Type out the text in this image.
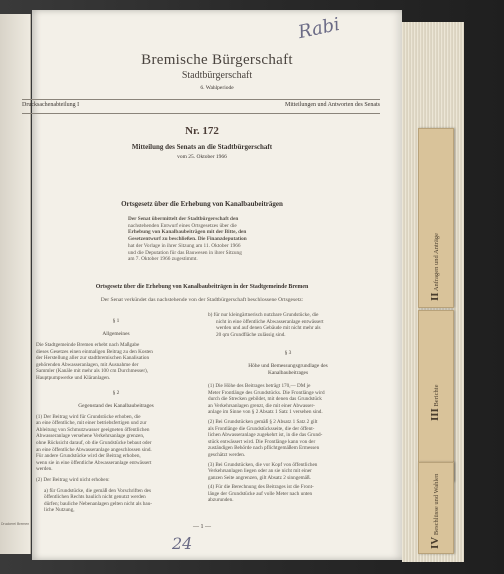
Druckerei Bremen
II Anfragen und Anträge
III Berichte
IV Beschlüsse und Wahlen
Rabi
Bremische Bürgerschaft
Stadtbürgerschaft
6. Wahlperiode
Drucksachenabteilung I	Mitteilungen und Antworten des Senats
Nr. 172
Mitteilung des Senats an die Stadtbürgerschaft
vom 25. Oktober 1966
Ortsgesetz über die Erhebung von Kanalbaubeiträgen
Der Senat übermittelt der Stadtbürgerschaft den
nachstehenden Entwurf eines Ortsgesetzes über die
Erhebung von Kanalbaubeiträgen mit der Bitte, den
Gesetzentwurf zu beschließen. Die Finanzdeputation
hat der Vorlage in ihrer Sitzung am 11. Oktober 1966
und die Deputation für das Bauwesen in ihrer Sitzung
am 7. Oktober 1966 zugestimmt.
Ortsgesetz über die Erhebung von Kanalbaubeiträgen in der Stadtgemeinde Bremen
Der Senat verkündet das nachstehende von der Stadtbürgerschaft beschlossene Ortsgesetz:
§ 1
Allgemeines
Die Stadtgemeinde Bremen erhebt nach Maßgabe
dieses Gesetzes einen einmaligen Beitrag zu den Kosten
der Herstellung aller zur stadtbremischen Kanalisation
gehörenden Abwasseranlagen, mit Ausnahme der
Sammler (Kanäle mit mehr als 100 cm Durchmesser),
Hauptpumpwerke und Kläranlagen.
§ 2
Gegenstand des Kanalbaubeitrages
(1) Der Beitrag wird für Grundstücke erhoben, die
an eine öffentliche, mit einer betriebsfertigen und zur
Ableitung von Schmutzwasser geeigneten öffentlichen
Abwasseranlage versehene Verkehrsanlage grenzen,
ohne Rücksicht darauf, ob die Grundstücke bebaut oder
an eine öffentliche Abwasseranlage angeschlossen sind.
Für andere Grundstücke wird der Beitrag erhoben,
wenn sie in eine öffentliche Abwasseranlage entwässert
werden.
(2) Der Beitrag wird nicht erhoben:
a) für Grundstücke, die gemäß den Vorschriften des
öffentlichen Rechts baulich nicht genutzt werden
dürfen; bauliche Nebenanlagen gelten nicht als bau-
liche Nutzung,
b) für nur kleingärtnerisch nutzbare Grundstücke, die
nicht in eine öffentliche Abwasseranlage entwässert
werden und auf denen Gebäude mit nicht mehr als
20 qm Grundfläche zulässig sind.
§ 3
Höhe und Bemessungsgrundlage des Kanalbaubeitrages
(1) Die Höhe des Beitrages beträgt 170,— DM je
Meter Frontlänge des Grundstücks. Die Frontlänge wird
durch die Strecken gebildet, mit denen das Grundstück
an Verkehrsanlagen grenzt, die mit einer Abwasser-
anlage im Sinne von § 2 Absatz 1 Satz 1 versehen sind.
(2) Bei Grundstücken gemäß § 2 Absatz 1 Satz 2 gilt
als Frontlänge die Grundstücksseite, die der öffent-
lichen Abwasseranlage zugekehrt ist, in die das Grund-
stück entwässert wird. Die Frontlänge kann von der
zuständigen Behörde nach pflichtgemäßem Ermessen
geschätzt werden.
(3) Bei Grundstücken, die vor Kopf von öffentlichen
Verkehrsanlagen liegen oder an sie nicht mit einer
ganzen Seite angrenzen, gilt Absatz 2 sinngemäß.
(4) Für die Berechnung des Beitrages ist die Front-
länge der Grundstücke auf volle Meter nach unten
abzurunden.
— 1 —
24
